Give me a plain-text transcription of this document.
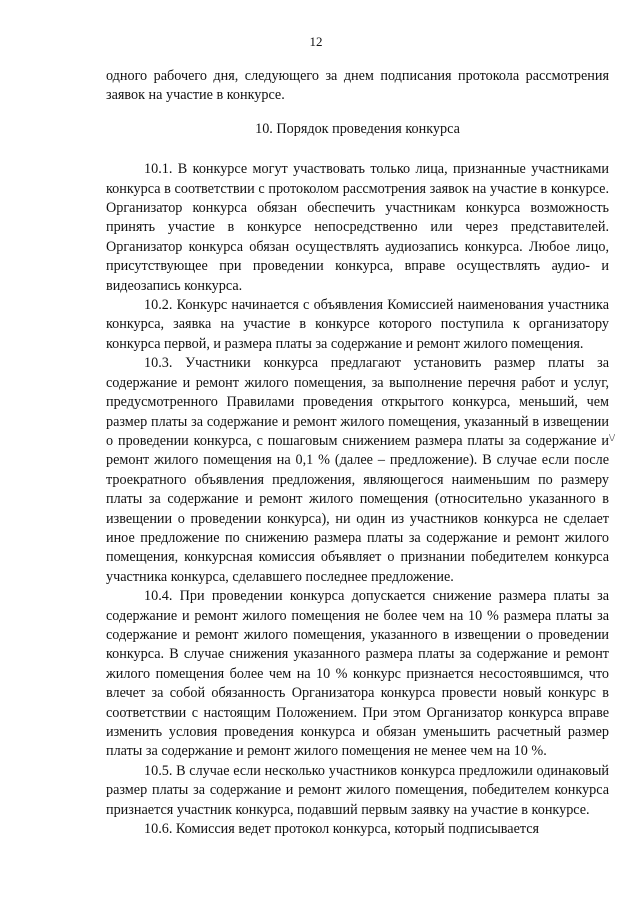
12

одного рабочего дня, следующего за днем подписания протокола рассмотрения заявок на участие в конкурсе.

10. Порядок проведения конкурса

10.1. В конкурсе могут участвовать только лица, признанные участниками конкурса в соответствии с протоколом рассмотрения заявок на участие в конкурсе. Организатор конкурса обязан обеспечить участникам конкурса возможность принять участие в конкурсе непосредственно или через представителей. Организатор конкурса обязан осуществлять аудиозапись конкурса. Любое лицо, присутствующее при проведении конкурса, вправе осуществлять аудио- и видеозапись конкурса.

10.2. Конкурс начинается с объявления Комиссией наименования участника конкурса, заявка на участие в конкурсе которого поступила к организатору конкурса первой, и размера платы за содержание и ремонт жилого помещения.

10.3. Участники конкурса предлагают установить размер платы за содержание и ремонт жилого помещения, за выполнение перечня работ и услуг, предусмотренного Правилами проведения открытого конкурса, меньший, чем размер платы за содержание и ремонт жилого помещения, указанный в извещении о проведении конкурса, с пошаговым снижением размера платы за содержание и ремонт жилого помещения на 0,1 % (далее – предложение). В случае если после троекратного объявления предложения, являющегося наименьшим по размеру платы за содержание и ремонт жилого помещения (относительно указанного в извещении о проведении конкурса), ни один из участников конкурса не сделает иное предложение по снижению размера платы за содержание и ремонт жилого помещения, конкурсная комиссия объявляет о признании победителем конкурса участника конкурса, сделавшего последнее предложение.

10.4. При проведении конкурса допускается снижение размера платы за содержание и ремонт жилого помещения не более чем на 10 % размера платы за содержание и ремонт жилого помещения, указанного в извещении о проведении конкурса. В случае снижения указанного размера платы за содержание и ремонт жилого помещения более чем на 10 % конкурс признается несостоявшимся, что влечет за собой обязанность Организатора конкурса провести новый конкурс в соответствии с настоящим Положением. При этом Организатор конкурса вправе изменить условия проведения конкурса и обязан уменьшить расчетный размер платы за содержание и ремонт жилого помещения не менее чем на 10 %.

10.5. В случае если несколько участников конкурса предложили одинаковый размер платы за содержание и ремонт жилого помещения, победителем конкурса признается участник конкурса, подавший первым заявку на участие в конкурсе.

10.6. Комиссия ведет протокол конкурса, который подписывается

\/
